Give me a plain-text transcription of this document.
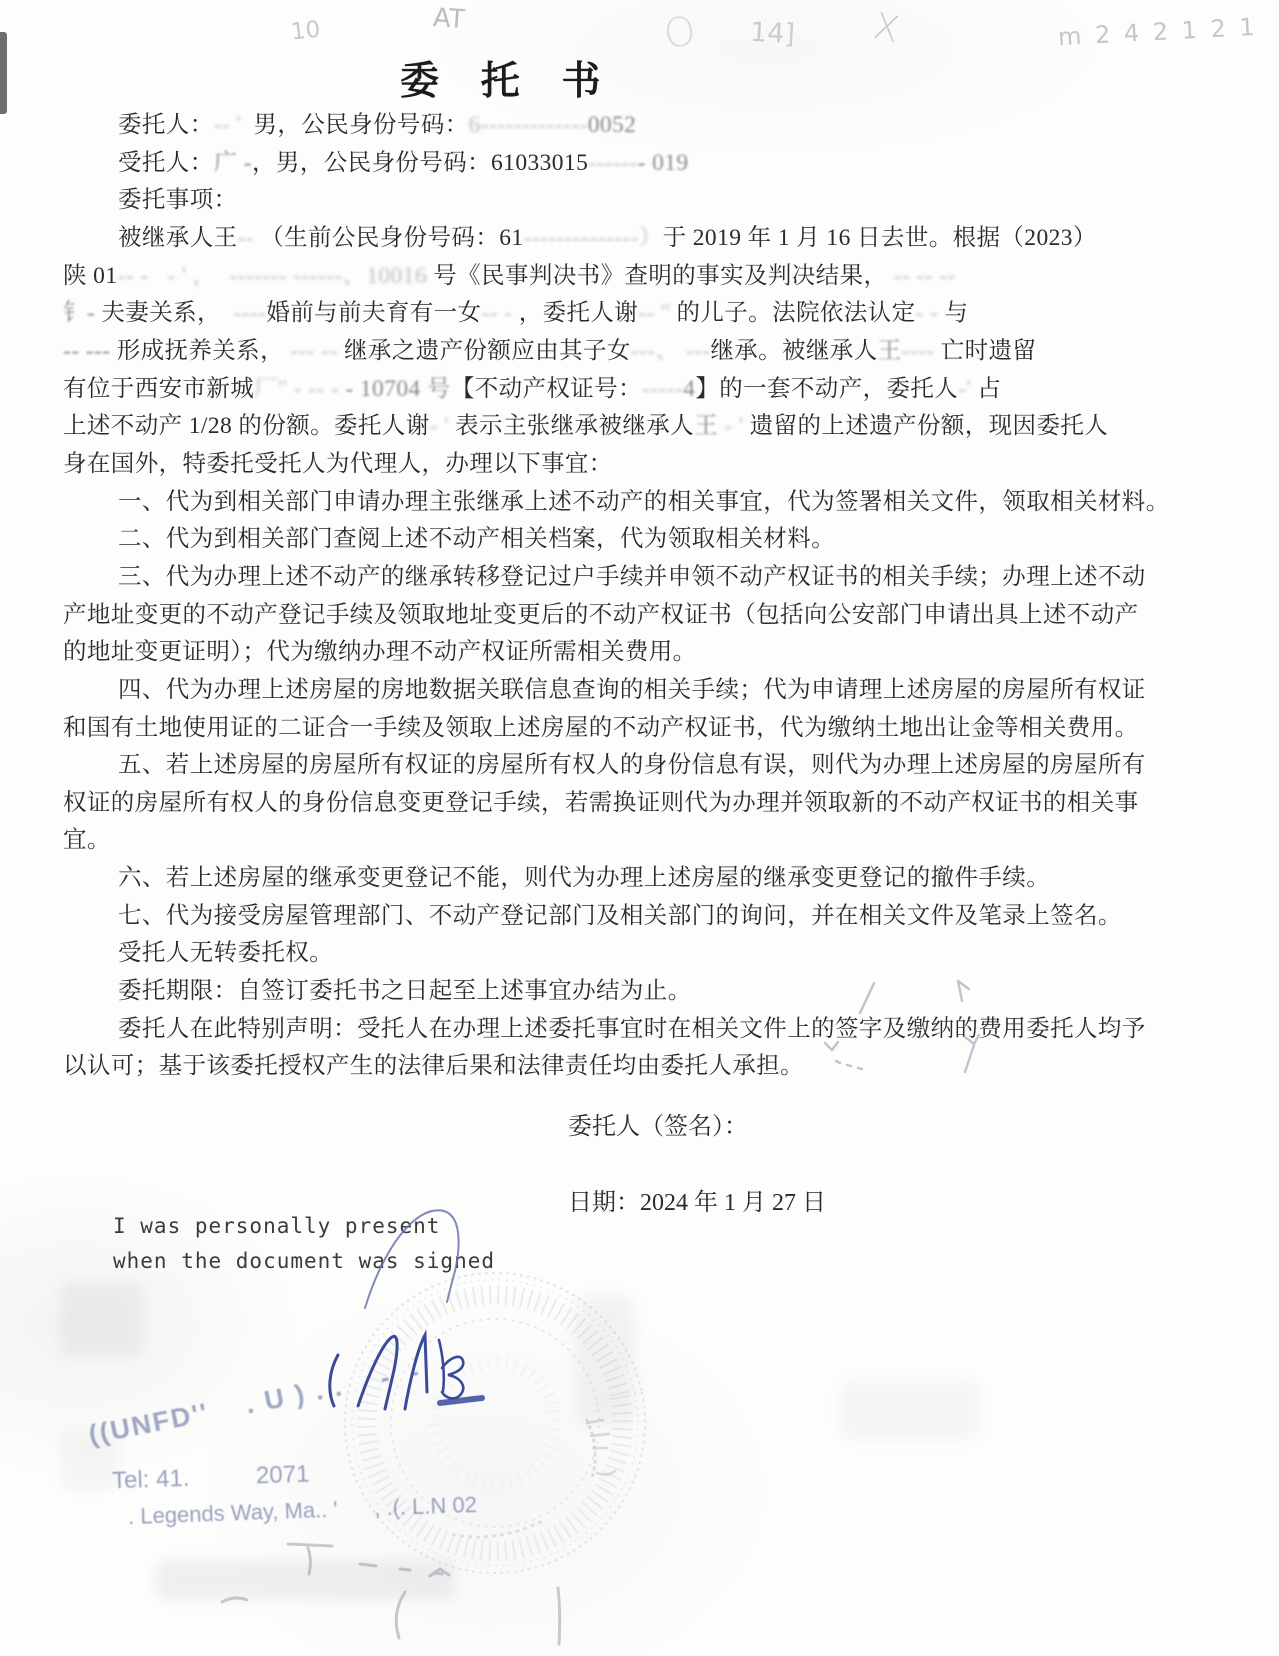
10	AT	O 14] X	m 2 4 2 1 2 1
委 托 书
委托人：-- '  男，公民身份号码：6-------------0052
受托人：广 -，男，公民身份号码：61033015------- 019
委托事项：
被继承人王-- （生前公民身份号码：61--------------）于 2019 年 1 月 16 日去世。根据（2023）
陕 01-- -   - ' ，  ------- ------、10016 号《民事判决书》查明的事实及判决结果， -- -- --
钅- 夫妻关系，  ----婚前与前夫育有一女-- - ，委托人谢-- '' 的儿子。法院依法认定- - 与
-- --- 形成抚养关系， --- -- 继承之遗产份额应由其子女---、 ---继承。被继承人王---- 亡时遗留
有位于西安市新城厂'' - -- - - 10704 号【不动产权证号：-----4】的一套不动产，委托人-' 占
上述不动产 1/28 的份额。委托人谢- ' 表示主张继承被继承人王 - ' 遗留的上述遗产份额，现因委托人
身在国外，特委托受托人为代理人，办理以下事宜：
一、代为到相关部门申请办理主张继承上述不动产的相关事宜，代为签署相关文件，领取相关材料。
二、代为到相关部门查阅上述不动产相关档案，代为领取相关材料。
三、代为办理上述不动产的继承转移登记过户手续并申领不动产权证书的相关手续；办理上述不动
产地址变更的不动产登记手续及领取地址变更后的不动产权证书（包括向公安部门申请出具上述不动产
的地址变更证明）；代为缴纳办理不动产权证所需相关费用。
四、代为办理上述房屋的房地数据关联信息查询的相关手续；代为申请理上述房屋的房屋所有权证
和国有土地使用证的二证合一手续及领取上述房屋的不动产权证书，代为缴纳土地出让金等相关费用。
五、若上述房屋的房屋所有权证的房屋所有权人的身份信息有误，则代为办理上述房屋的房屋所有
权证的房屋所有权人的身份信息变更登记手续，若需换证则代为办理并领取新的不动产权证书的相关事
宜。
六、若上述房屋的继承变更登记不能，则代为办理上述房屋的继承变更登记的撤件手续。
七、代为接受房屋管理部门、不动产登记部门及相关部门的询问，并在相关文件及笔录上签名。
受托人无转委托权。
委托期限：自签订委托书之日起至上述事宜办结为止。
委托人在此特别声明：受托人在办理上述委托事宜时在相关文件上的签字及缴纳的费用委托人均予
以认可；基于该委托授权产生的法律后果和法律责任均由委托人承担。
委托人（签名）：
日期：2024 年 1 月 27 日
I was personally present
when the document was signed
((UNFD''    . U ) . .    -  -
Tel: 41.          2071
. Legends Way, Ma.. '      , .(. L.N 02
